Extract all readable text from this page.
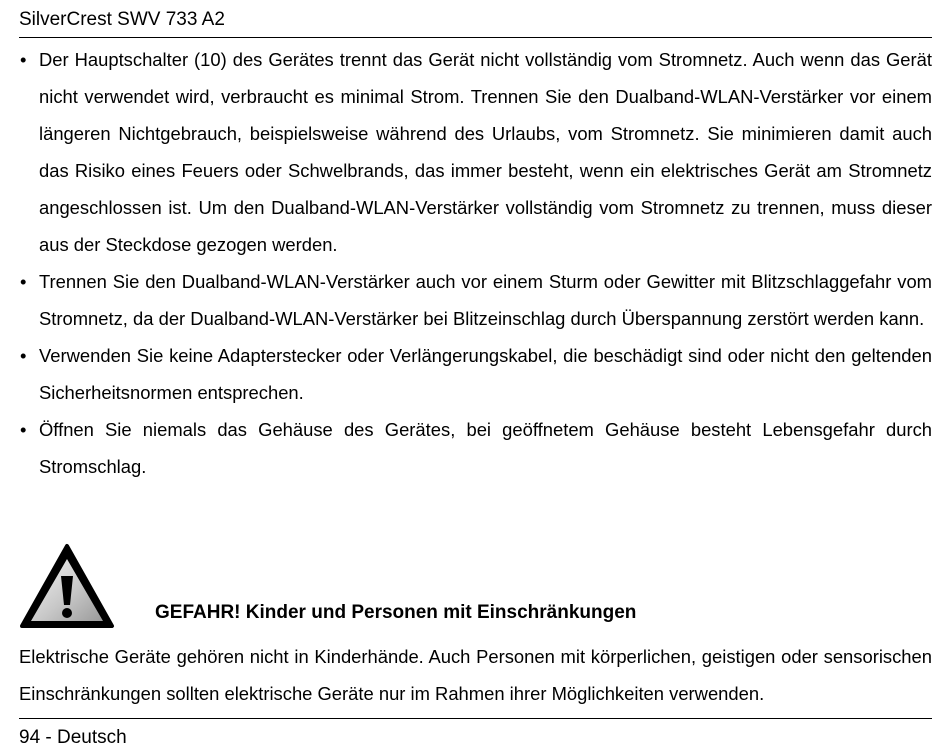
SilverCrest SWV 733 A2
• Der Hauptschalter (10) des Gerätes trennt das Gerät nicht vollständig vom Stromnetz. Auch wenn das Gerät nicht verwendet wird, verbraucht es minimal Strom. Trennen Sie den Dualband-WLAN-Verstärker vor einem längeren Nichtgebrauch, beispielsweise während des Urlaubs, vom Stromnetz. Sie minimieren damit auch das Risiko eines Feuers oder Schwelbrands, das immer besteht, wenn ein elektrisches Gerät am Stromnetz angeschlossen ist. Um den Dualband-WLAN-Verstärker vollständig vom Stromnetz zu trennen, muss dieser aus der Steckdose gezogen werden.
• Trennen Sie den Dualband-WLAN-Verstärker auch vor einem Sturm oder Gewitter mit Blitzschlaggefahr vom Stromnetz, da der Dualband-WLAN-Verstärker bei Blitzeinschlag durch Überspannung zerstört werden kann.
• Verwenden Sie keine Adapterstecker oder Verlängerungskabel, die beschädigt sind oder nicht den geltenden Sicherheitsnormen entsprechen.
• Öffnen Sie niemals das Gehäuse des Gerätes, bei geöffnetem Gehäuse besteht Lebensgefahr durch Stromschlag.
GEFAHR! Kinder und Personen mit Einschränkungen

Elektrische Geräte gehören nicht in Kinderhände. Auch Personen mit körperlichen, geistigen oder sensorischen Einschränkungen sollten elektrische Geräte nur im Rahmen ihrer Möglichkeiten verwenden.

94 - Deutsch
